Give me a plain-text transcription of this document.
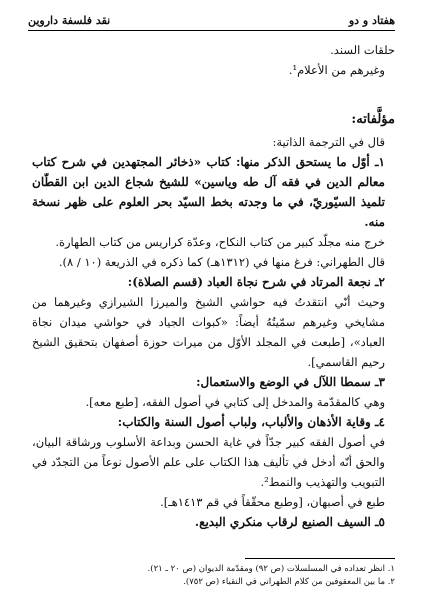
هفتاد و دو
نقد فلسفة داروين

حلقات السند.

وغيرهم من الأعلام¹.

مؤلَّفاته:

قال في الترجمة الذاتية:

١ـ أوّل ما يستحق الذكر منها: كتاب «ذخائر المجتهدين في شرح كتاب معالم الدين في فقه آل طه وياسين» للشيخ شجاع الدين ابن القطّان تلميذ السيّوريّ، في ما وجدته بخط السيّد بحر العلوم على ظهر نسخة منه.

خرج منه مجلّد كبير من كتاب النكاح، وعدّة كراريس من كتاب الطهارة.

قال الطهراني: فرغ منها في (١٣١٢هـ) كما ذكره في الذريعة (١٠ / ٨).

٢ـ نجعة المرتاد في شرح نجاة العباد (قسم الصلاة):

وحيث أنّي انتقدتُ فيه حواشي الشيخ والميرزا الشيرازي وغيرهما من مشايخي وغيرهم سمّيتُهُ أيضاً: «كبوات الجياد في حواشي ميدان نجاة العباد»، [طبعت في المجلد الأوّل من ميرات حوزة أصفهان بتحقيق الشيخ رحيم القاسمي].

٣ـ سمطا اللآل في الوضع والاستعمال:

وهي كالمقدّمة والمدخل إلى كتابي في أصول الفقه، [طبع معه].

٤ـ وقاية الأذهان والألباب، ولباب أصول السنة والكتاب:

في أصول الفقه كبير جدّاً في غاية الحسن وبداعة الأسلوب ورشاقة البيان، والحق أنّه أدخل في تأليف هذا الكتاب على علم الأصول نوعاً من التجدّد في التبويب والتهذيب والنمط².

طبع في أصبهان، [وطبع محقّقاً في قم ١٤١٣هـ].

٥ـ السيف الصنيع لرقاب منكري البديع.

١. انظر تعداده في المسلسلات (ص ٩٢) ومقدّمة الديوان (ص ٢٠ ـ ٢١).

٢. ما بين المعقوفين من كلام الطهراني في النقباء (ص ٧٥٢).
